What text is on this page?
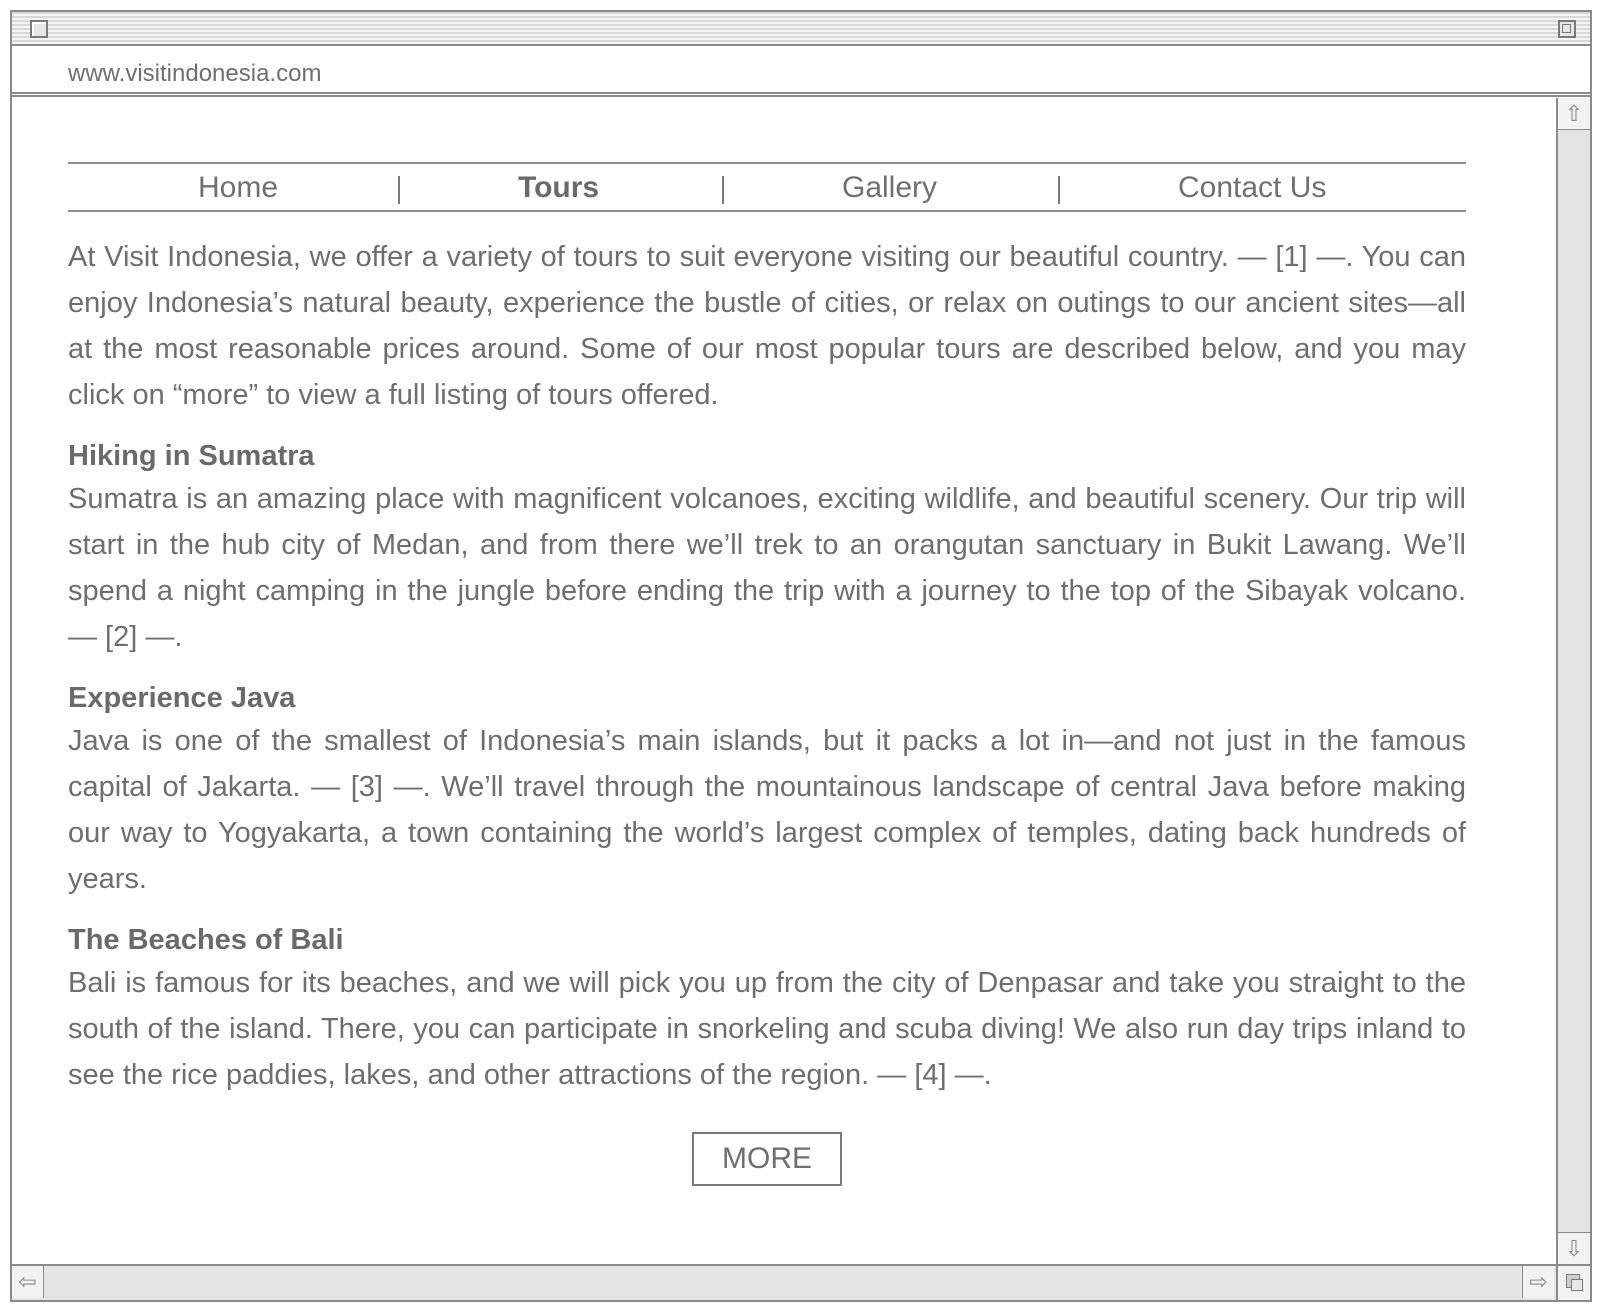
www.visitindonesia.com
Home	Tours	Gallery	Contact Us

At Visit Indonesia, we offer a variety of tours to suit everyone visiting our beautiful country. — [1] —. You can enjoy Indonesia’s natural beauty, experience the bustle of cities, or relax on outings to our ancient sites—all at the most reasonable prices around. Some of our most popular tours are described below, and you may click on “more” to view a full listing of tours offered.

Hiking in Sumatra

Sumatra is an amazing place with magnificent volcanoes, exciting wildlife, and beautiful scenery. Our trip will start in the hub city of Medan, and from there we’ll trek to an orangutan sanctuary in Bukit Lawang. We’ll spend a night camping in the jungle before ending the trip with a journey to the top of the Sibayak volcano. — [2] —.

Experience Java

Java is one of the smallest of Indonesia’s main islands, but it packs a lot in—and not just in the famous capital of Jakarta. — [3] —. We’ll travel through the mountainous landscape of central Java before making our way to Yogyakarta, a town containing the world’s largest complex of temples, dating back hundreds of years.

The Beaches of Bali

Bali is famous for its beaches, and we will pick you up from the city of Denpasar and take you straight to the south of the island. There, you can participate in snorkeling and scuba diving! We also run day trips inland to see the rice paddies, lakes, and other attractions of the region. — [4] —.

MORE
⇧
⇩
⇦	⇨
